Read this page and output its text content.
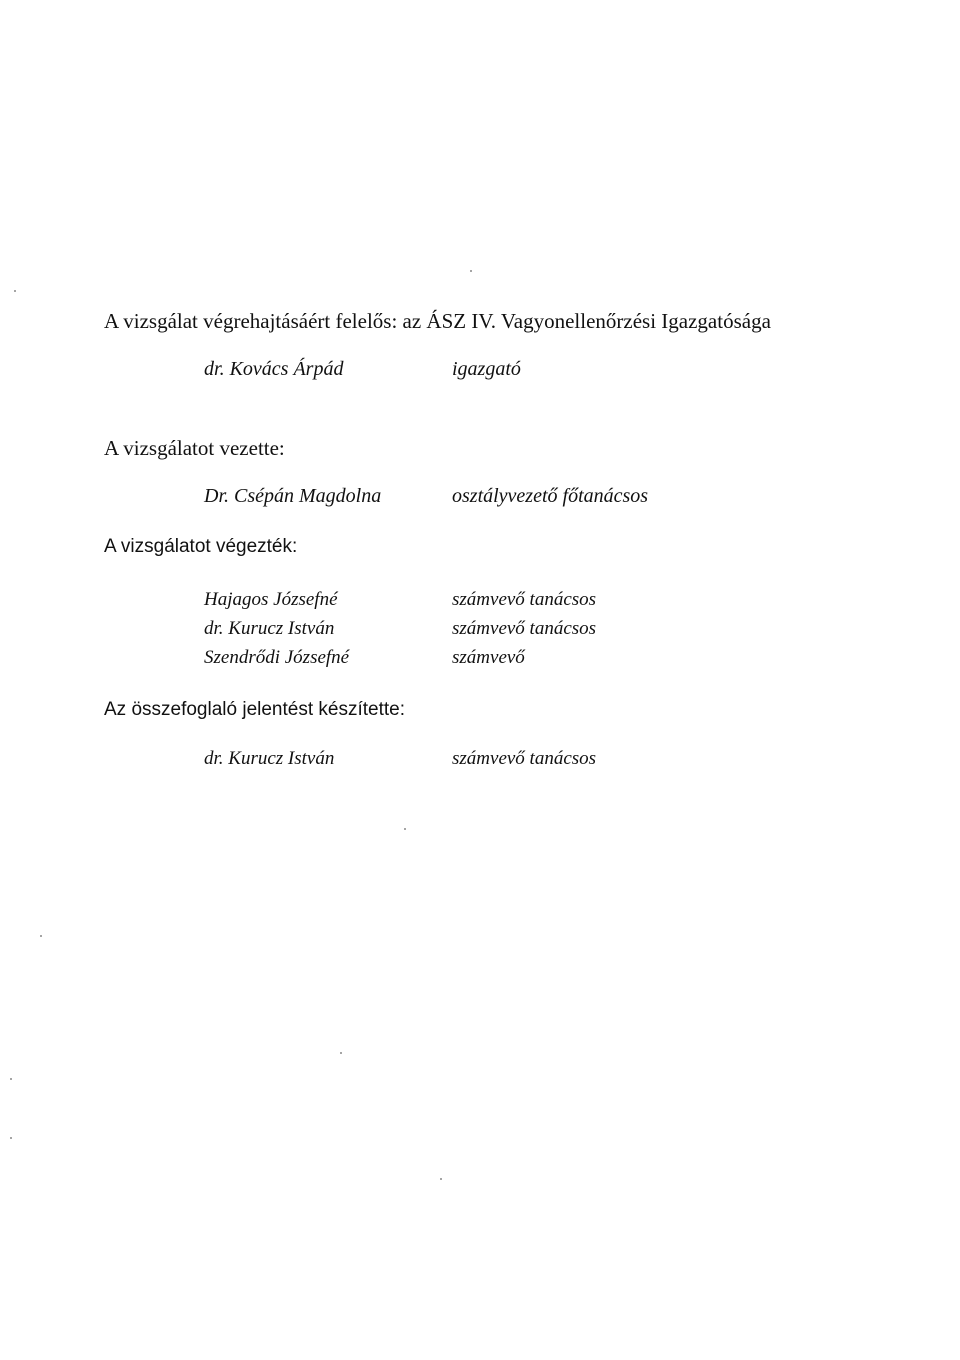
A vizsgálat végrehajtásáért felelős: az ÁSZ IV. Vagyonellenőrzési Igazgatósága
dr. Kovács Árpád	igazgató
A vizsgálatot vezette:
Dr. Csépán Magdolna	osztályvezető főtanácsos
A vizsgálatot végezték:
Hajagos Józsefné	számvevő tanácsos
dr. Kurucz István	számvevő tanácsos
Szendrődi Józsefné	számvevő
Az összefoglaló jelentést készítette:
dr. Kurucz István	számvevő tanácsos
